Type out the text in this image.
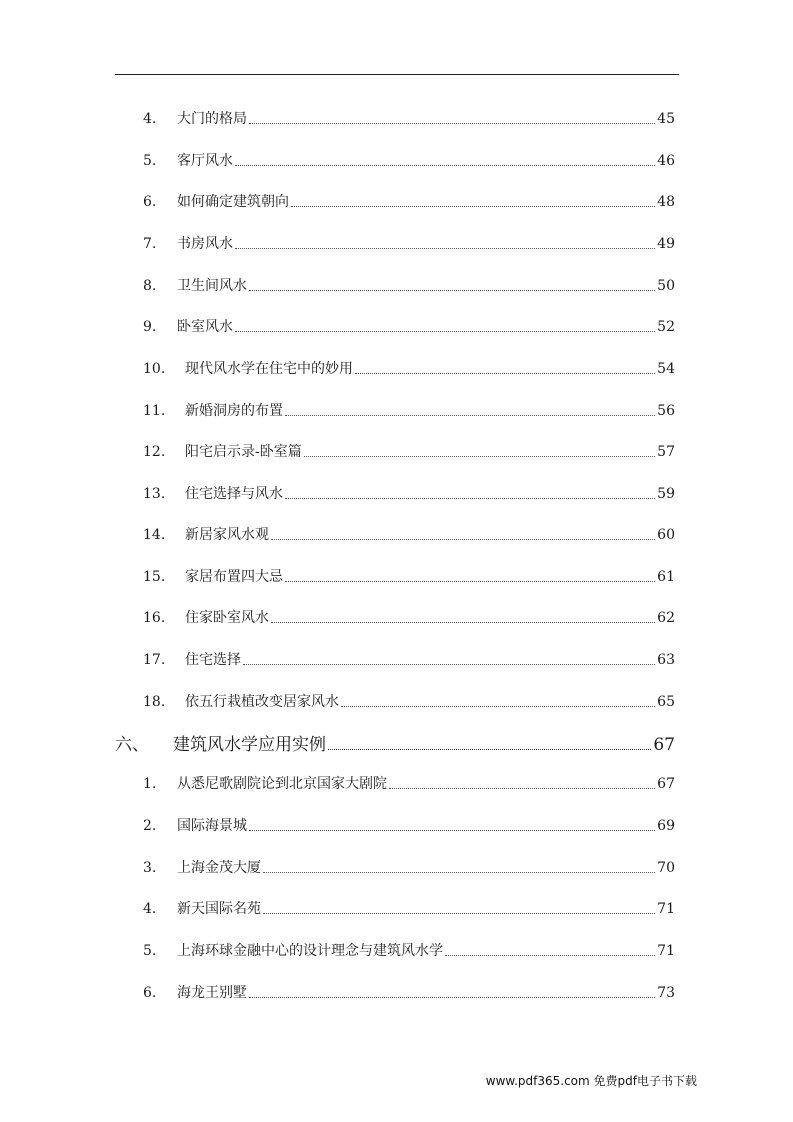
4.	大门的格局	45
5.	客厅风水	46
6.	如何确定建筑朝向	48
7.	书房风水	49
8.	卫生间风水	50
9.	卧室风水	52
10.	现代风水学在住宅中的妙用	54
11.	新婚洞房的布置	56
12.	阳宅启示录-卧室篇	57
13.	住宅选择与风水	59
14.	新居家风水观	60
15.	家居布置四大忌	61
16.	住家卧室风水	62
17.	住宅选择	63
18.	依五行栽植改变居家风水	65
六、	建筑风水学应用实例	67
1.	从悉尼歌剧院论到北京国家大剧院	67
2.	国际海景城	69
3.	上海金茂大厦	70
4.	新天国际名苑	71
5.	上海环球金融中心的设计理念与建筑风水学	71
6.	海龙王别墅	73
www.pdf365.com 免费pdf电子书下载
